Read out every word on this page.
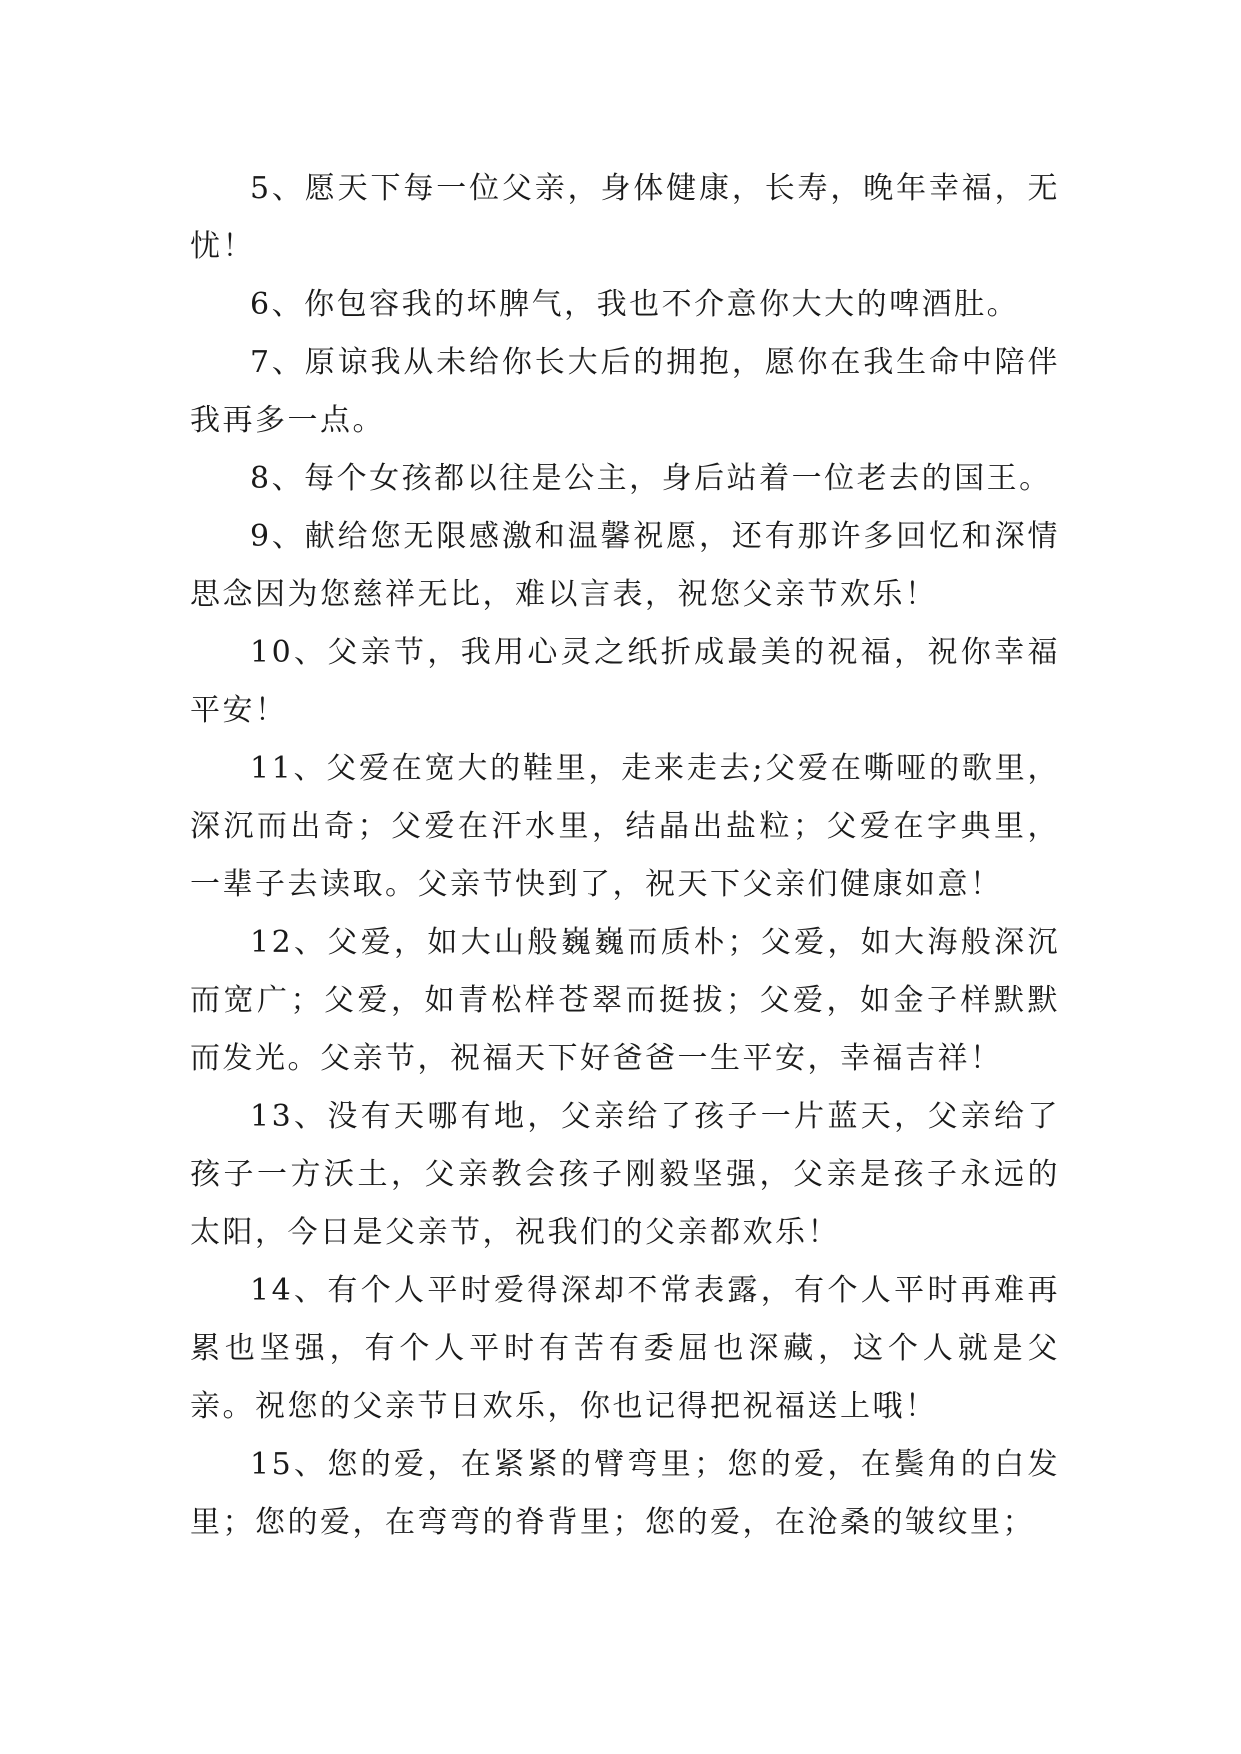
5、愿天下每一位父亲，身体健康，长寿，晚年幸福，无忧！

6、你包容我的坏脾气，我也不介意你大大的啤酒肚。

7、原谅我从未给你长大后的拥抱，愿你在我生命中陪伴我再多一点。

8、每个女孩都以往是公主，身后站着一位老去的国王。

9、献给您无限感激和温馨祝愿，还有那许多回忆和深情思念因为您慈祥无比，难以言表，祝您父亲节欢乐！

10、父亲节，我用心灵之纸折成最美的祝福，祝你幸福平安！

11、父爱在宽大的鞋里，走来走去;父爱在嘶哑的歌里，深沉而出奇；父爱在汗水里，结晶出盐粒；父爱在字典里，一辈子去读取。父亲节快到了，祝天下父亲们健康如意！

12、父爱，如大山般巍巍而质朴；父爱，如大海般深沉而宽广；父爱，如青松样苍翠而挺拔；父爱，如金子样默默而发光。父亲节，祝福天下好爸爸一生平安，幸福吉祥！

13、没有天哪有地，父亲给了孩子一片蓝天，父亲给了孩子一方沃土，父亲教会孩子刚毅坚强，父亲是孩子永远的太阳，今日是父亲节，祝我们的父亲都欢乐！

14、有个人平时爱得深却不常表露，有个人平时再难再累也坚强，有个人平时有苦有委屈也深藏，这个人就是父亲。祝您的父亲节日欢乐，你也记得把祝福送上哦！

15、您的爱，在紧紧的臂弯里；您的爱，在鬓角的白发里；您的爱，在弯弯的脊背里；您的爱，在沧桑的皱纹里；
